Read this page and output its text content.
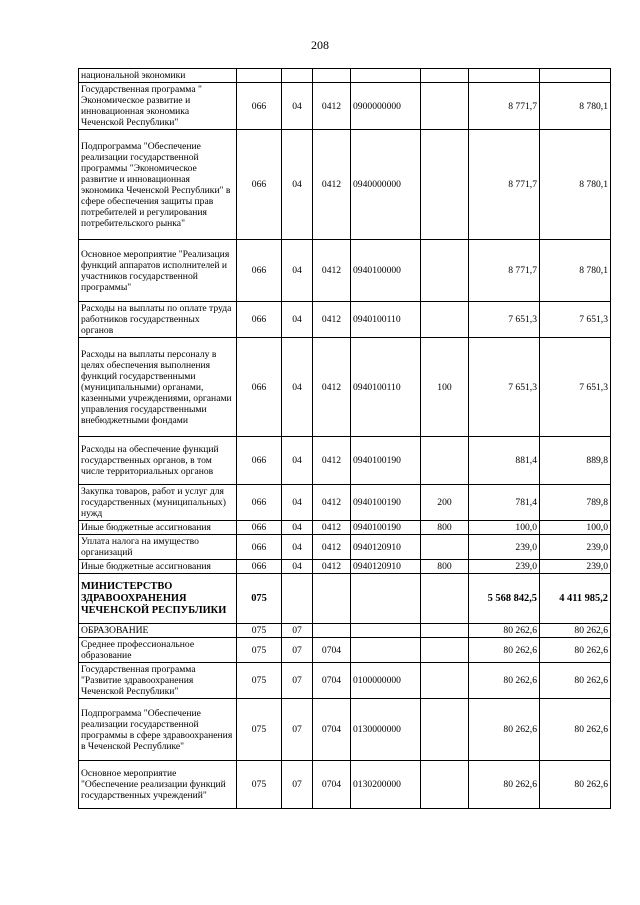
208
национальной экономики							
Государственная программа " Экономическое развитие и инновационная экономика Чеченской Республики"	066	04	0412	0900000000		8 771,7	8 780,1
Подпрограмма "Обеспечение реализации государственной программы "Экономическое развитие и инновационная экономика Чеченской Республики" в сфере обеспечения защиты прав потребителей и регулирования потребительского рынка"	066	04	0412	0940000000		8 771,7	8 780,1
Основное мероприятие "Реализация функций аппаратов исполнителей и участников государственной программы"	066	04	0412	0940100000		8 771,7	8 780,1
Расходы на выплаты по оплате труда работников государственных органов	066	04	0412	0940100110		7 651,3	7 651,3
Расходы на выплаты персоналу в целях обеспечения выполнения функций государственными (муниципальными) органами, казенными учреждениями, органами управления государственными внебюджетными фондами	066	04	0412	0940100110	100	7 651,3	7 651,3
Расходы на обеспечение функций государственных органов, в том числе территориальных органов	066	04	0412	0940100190		881,4	889,8
Закупка товаров, работ и услуг для государственных (муниципальных) нужд	066	04	0412	0940100190	200	781,4	789,8
Иные бюджетные ассигнования	066	04	0412	0940100190	800	100,0	100,0
Уплата налога на имущество организаций	066	04	0412	0940120910		239,0	239,0
Иные бюджетные ассигнования	066	04	0412	0940120910	800	239,0	239,0
МИНИСТЕРСТВО ЗДРАВООХРАНЕНИЯ ЧЕЧЕНСКОЙ РЕСПУБЛИКИ	075					5 568 842,5	4 411 985,2
ОБРАЗОВАНИЕ	075	07				80 262,6	80 262,6
Среднее профессиональное образование	075	07	0704			80 262,6	80 262,6
Государственная программа "Развитие здравоохранения Чеченской Республики"	075	07	0704	0100000000		80 262,6	80 262,6
Подпрограмма "Обеспечение реализации государственной программы в сфере здравоохранения в Чеченской Республике"	075	07	0704	0130000000		80 262,6	80 262,6
Основное мероприятие "Обеспечение реализации функций государственных учреждений"	075	07	0704	0130200000		80 262,6	80 262,6
